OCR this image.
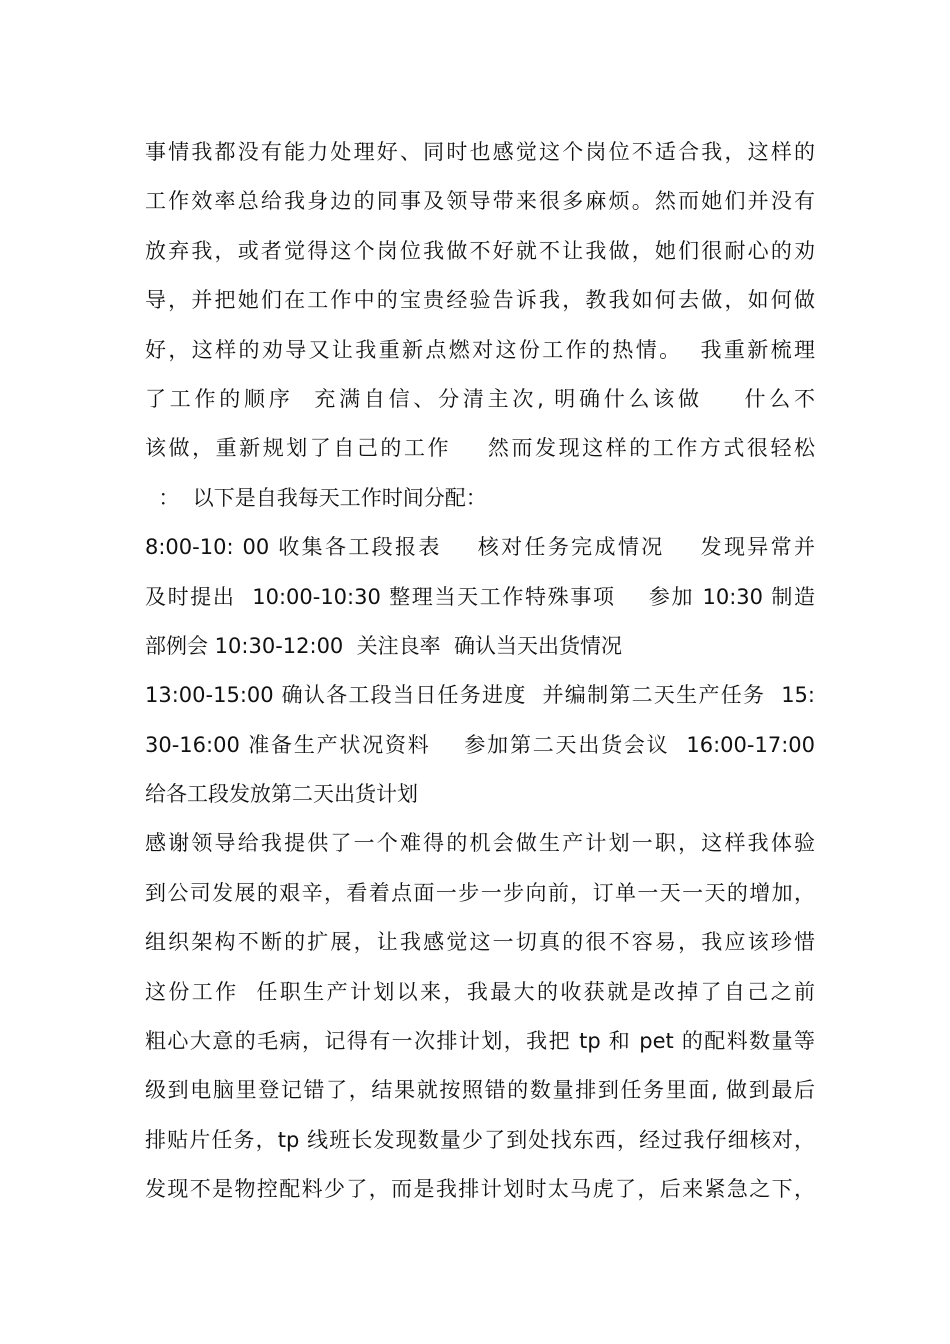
事情我都没有能力处理好、同时也感觉这个岗位不适合我，这样的
工作效率总给我身边的同事及领导带来很多麻烦。然而她们并没有
放弃我，或者觉得这个岗位我做不好就不让我做，她们很耐心的劝
导，并把她们在工作中的宝贵经验告诉我，教我如何去做，如何做
好，这样的劝导又让我重新点燃对这份工作的热情。  我重新梳理
了工作的顺序  充满自信、分清主次, 明确什么该做    什么不
该做，重新规划了自己的工作    然而发现这样的工作方式很轻松
：  以下是自我每天工作时间分配：
8:00-10: 00 收集各工段报表    核对任务完成情况    发现异常并
及时提出  10:00-10:30 整理当天工作特殊事项    参加 10:30 制造
部例会 10:30-12:00  关注良率  确认当天出货情况
13:00-15:00 确认各工段当日任务进度  并编制第二天生产任务  15:
30-16:00 准备生产状况资料    参加第二天出货会议  16:00-17:00
给各工段发放第二天出货计划
感谢领导给我提供了一个难得的机会做生产计划一职，这样我体验
到公司发展的艰辛，看着点面一步一步向前，订单一天一天的增加，
组织架构不断的扩展，让我感觉这一切真的很不容易，我应该珍惜
这份工作  任职生产计划以来，我最大的收获就是改掉了自己之前
粗心大意的毛病，记得有一次排计划，我把 tp 和 pet 的配料数量等
级到电脑里登记错了，结果就按照错的数量排到任务里面, 做到最后
排贴片任务，tp 线班长发现数量少了到处找东西，经过我仔细核对，
发现不是物控配料少了，而是我排计划时太马虎了，后来紧急之下，
